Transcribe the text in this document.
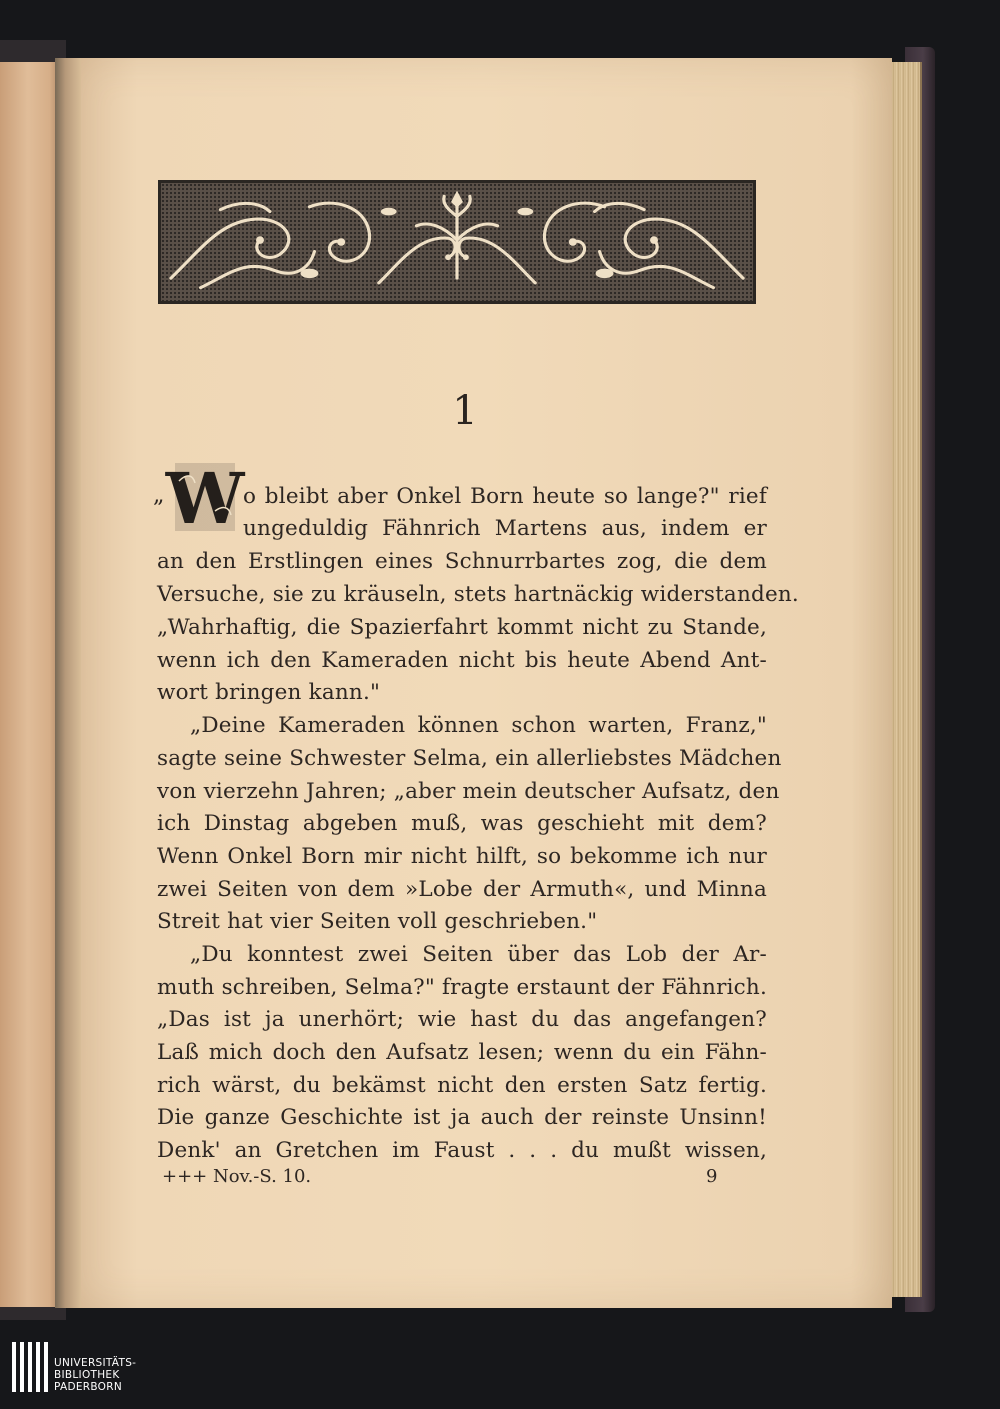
1
„ W
o bleibt aber Onkel Born heute so lange?" rief
ungeduldig Fähnrich Martens aus, indem er
an den Erstlingen eines Schnurrbartes zog, die dem
Versuche, sie zu kräuseln, stets hartnäckig widerstanden.
„Wahrhaftig, die Spazierfahrt kommt nicht zu Stande,
wenn ich den Kameraden nicht bis heute Abend Ant-
wort bringen kann."
„Deine Kameraden können schon warten, Franz,"
sagte seine Schwester Selma, ein allerliebstes Mädchen
von vierzehn Jahren; „aber mein deutscher Aufsatz, den
ich Dinstag abgeben muß, was geschieht mit dem?
Wenn Onkel Born mir nicht hilft, so bekomme ich nur
zwei Seiten von dem »Lobe der Armuth«, und Minna
Streit hat vier Seiten voll geschrieben."
„Du konntest zwei Seiten über das Lob der Ar-
muth schreiben, Selma?" fragte erstaunt der Fähnrich.
„Das ist ja unerhört; wie hast du das angefangen?
Laß mich doch den Aufsatz lesen; wenn du ein Fähn-
rich wärst, du bekämst nicht den ersten Satz fertig.
Die ganze Geschichte ist ja auch der reinste Unsinn!
Denk' an Gretchen im Faust . . . du mußt wissen,
+++ Nov.-S. 10.	9
UNIVERSITÄTS-
BIBLIOTHEK
PADERBORN
